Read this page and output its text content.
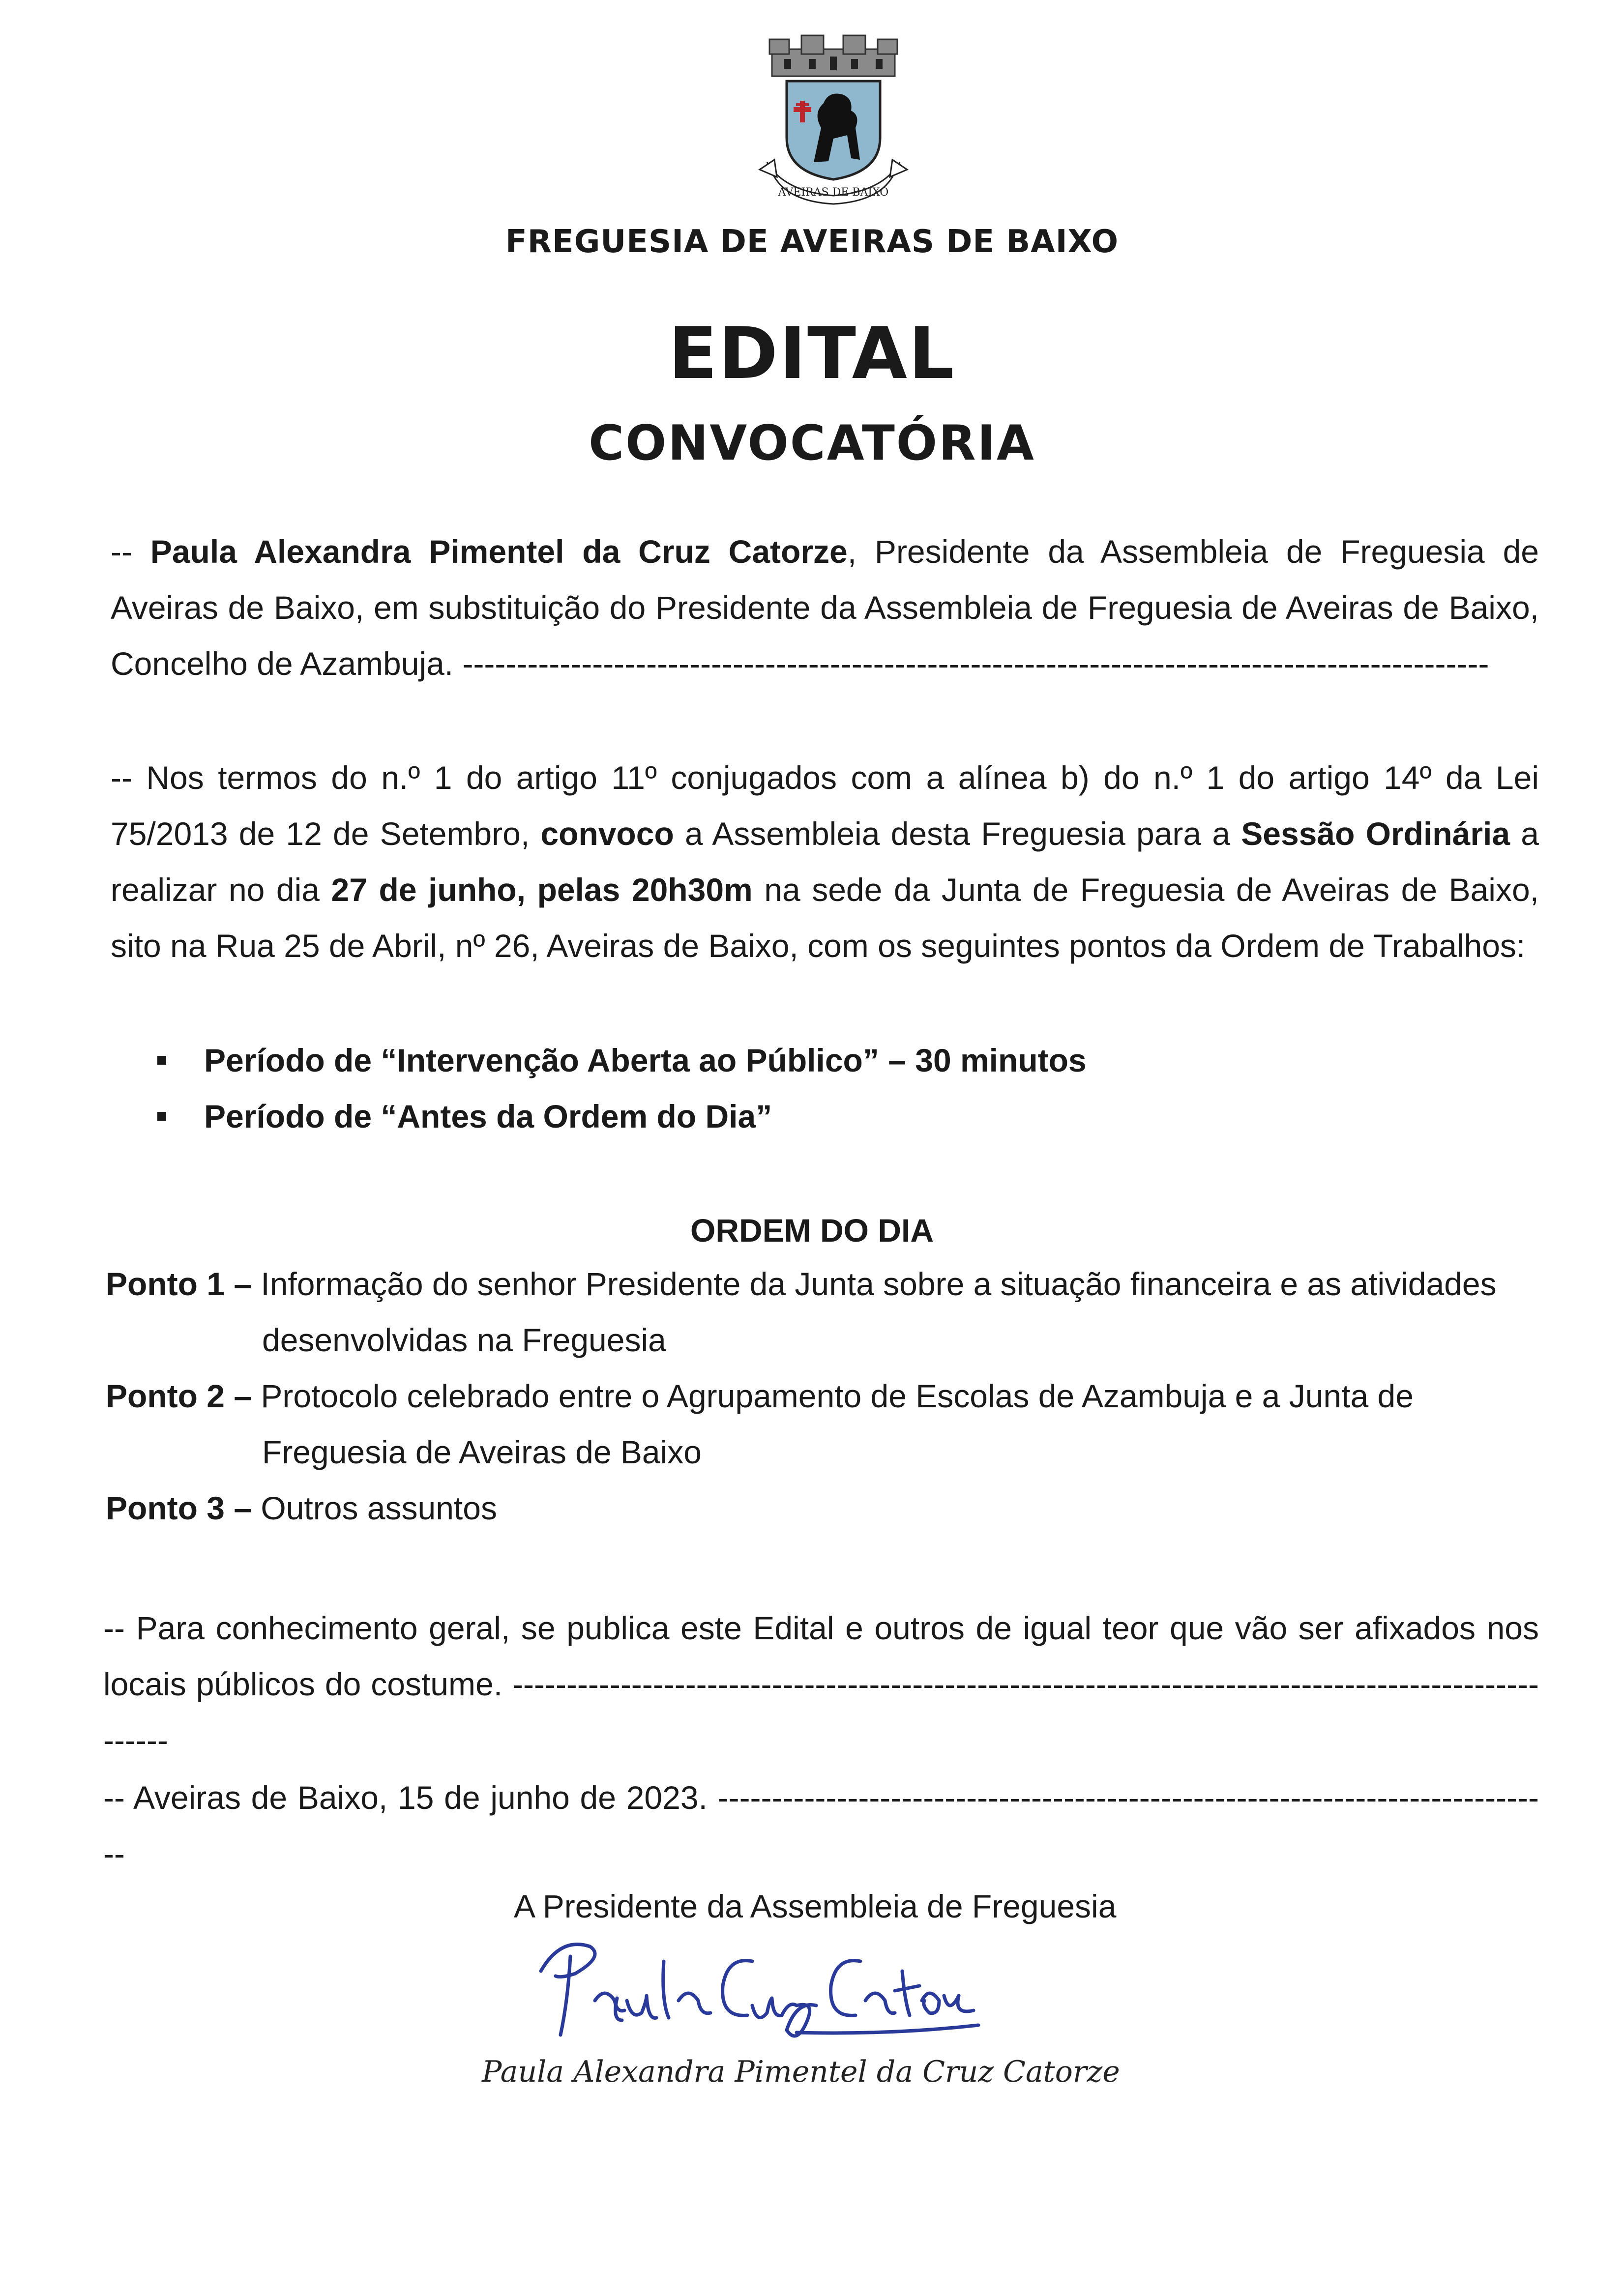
AVEIRAS DE BAIXO
FREGUESIA DE AVEIRAS DE BAIXO
EDITAL
CONVOCATÓRIA
-- Paula Alexandra Pimentel da Cruz Catorze, Presidente da Assembleia de Freguesia de Aveiras de Baixo, em substituição do Presidente da Assembleia de Freguesia de Aveiras de Baixo, Concelho de Azambuja. -----------------------------------------------------------------------------------------------
-- Nos termos do n.º 1 do artigo 11º conjugados com a alínea b) do n.º 1 do artigo 14º da Lei 75/2013 de 12 de Setembro, convoco a Assembleia desta Freguesia para a Sessão Ordinária a realizar no dia 27 de junho, pelas 20h30m na sede da Junta de Freguesia de Aveiras de Baixo, sito na Rua 25 de Abril, nº 26, Aveiras de Baixo, com os seguintes pontos da Ordem de Trabalhos:
Período de “Intervenção Aberta ao Público” – 30 minutos
Período de “Antes da Ordem do Dia”
ORDEM DO DIA
Ponto 1 – Informação do senhor Presidente da Junta sobre a situação financeira e as atividades
desenvolvidas na Freguesia
Ponto 2 – Protocolo celebrado entre o Agrupamento de Escolas de Azambuja e a Junta de
Freguesia de Aveiras de Baixo
Ponto 3 – Outros assuntos
-- Para conhecimento geral, se publica este Edital e outros de igual teor que vão ser afixados nos locais públicos do costume. -----------------------------------------------------------------------------------------------------
-- Aveiras de Baixo, 15 de junho de 2023. ------------------------------------------------------------------------------
A Presidente da Assembleia de Freguesia
Paula Alexandra Pimentel da Cruz Catorze
